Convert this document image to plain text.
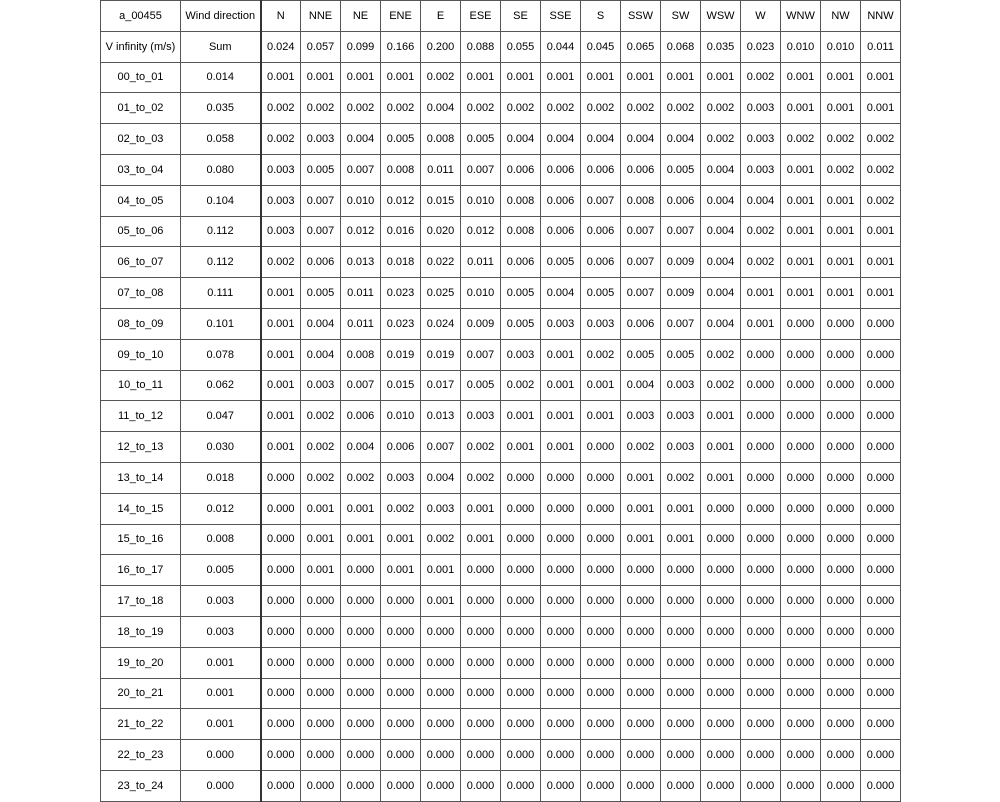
a_00455	Wind direction	N	NNE	NE	ENE	E	ESE	SE	SSE	S	SSW	SW	WSW	W	WNW	NW	NNW
V infinity (m/s)	Sum	0.024	0.057	0.099	0.166	0.200	0.088	0.055	0.044	0.045	0.065	0.068	0.035	0.023	0.010	0.010	0.011
00_to_01	0.014	0.001	0.001	0.001	0.001	0.002	0.001	0.001	0.001	0.001	0.001	0.001	0.001	0.002	0.001	0.001	0.001
01_to_02	0.035	0.002	0.002	0.002	0.002	0.004	0.002	0.002	0.002	0.002	0.002	0.002	0.002	0.003	0.001	0.001	0.001
02_to_03	0.058	0.002	0.003	0.004	0.005	0.008	0.005	0.004	0.004	0.004	0.004	0.004	0.002	0.003	0.002	0.002	0.002
03_to_04	0.080	0.003	0.005	0.007	0.008	0.011	0.007	0.006	0.006	0.006	0.006	0.005	0.004	0.003	0.001	0.002	0.002
04_to_05	0.104	0.003	0.007	0.010	0.012	0.015	0.010	0.008	0.006	0.007	0.008	0.006	0.004	0.004	0.001	0.001	0.002
05_to_06	0.112	0.003	0.007	0.012	0.016	0.020	0.012	0.008	0.006	0.006	0.007	0.007	0.004	0.002	0.001	0.001	0.001
06_to_07	0.112	0.002	0.006	0.013	0.018	0.022	0.011	0.006	0.005	0.006	0.007	0.009	0.004	0.002	0.001	0.001	0.001
07_to_08	0.111	0.001	0.005	0.011	0.023	0.025	0.010	0.005	0.004	0.005	0.007	0.009	0.004	0.001	0.001	0.001	0.001
08_to_09	0.101	0.001	0.004	0.011	0.023	0.024	0.009	0.005	0.003	0.003	0.006	0.007	0.004	0.001	0.000	0.000	0.000
09_to_10	0.078	0.001	0.004	0.008	0.019	0.019	0.007	0.003	0.001	0.002	0.005	0.005	0.002	0.000	0.000	0.000	0.000
10_to_11	0.062	0.001	0.003	0.007	0.015	0.017	0.005	0.002	0.001	0.001	0.004	0.003	0.002	0.000	0.000	0.000	0.000
11_to_12	0.047	0.001	0.002	0.006	0.010	0.013	0.003	0.001	0.001	0.001	0.003	0.003	0.001	0.000	0.000	0.000	0.000
12_to_13	0.030	0.001	0.002	0.004	0.006	0.007	0.002	0.001	0.001	0.000	0.002	0.003	0.001	0.000	0.000	0.000	0.000
13_to_14	0.018	0.000	0.002	0.002	0.003	0.004	0.002	0.000	0.000	0.000	0.001	0.002	0.001	0.000	0.000	0.000	0.000
14_to_15	0.012	0.000	0.001	0.001	0.002	0.003	0.001	0.000	0.000	0.000	0.001	0.001	0.000	0.000	0.000	0.000	0.000
15_to_16	0.008	0.000	0.001	0.001	0.001	0.002	0.001	0.000	0.000	0.000	0.001	0.001	0.000	0.000	0.000	0.000	0.000
16_to_17	0.005	0.000	0.001	0.000	0.001	0.001	0.000	0.000	0.000	0.000	0.000	0.000	0.000	0.000	0.000	0.000	0.000
17_to_18	0.003	0.000	0.000	0.000	0.000	0.001	0.000	0.000	0.000	0.000	0.000	0.000	0.000	0.000	0.000	0.000	0.000
18_to_19	0.003	0.000	0.000	0.000	0.000	0.000	0.000	0.000	0.000	0.000	0.000	0.000	0.000	0.000	0.000	0.000	0.000
19_to_20	0.001	0.000	0.000	0.000	0.000	0.000	0.000	0.000	0.000	0.000	0.000	0.000	0.000	0.000	0.000	0.000	0.000
20_to_21	0.001	0.000	0.000	0.000	0.000	0.000	0.000	0.000	0.000	0.000	0.000	0.000	0.000	0.000	0.000	0.000	0.000
21_to_22	0.001	0.000	0.000	0.000	0.000	0.000	0.000	0.000	0.000	0.000	0.000	0.000	0.000	0.000	0.000	0.000	0.000
22_to_23	0.000	0.000	0.000	0.000	0.000	0.000	0.000	0.000	0.000	0.000	0.000	0.000	0.000	0.000	0.000	0.000	0.000
23_to_24	0.000	0.000	0.000	0.000	0.000	0.000	0.000	0.000	0.000	0.000	0.000	0.000	0.000	0.000	0.000	0.000	0.000
